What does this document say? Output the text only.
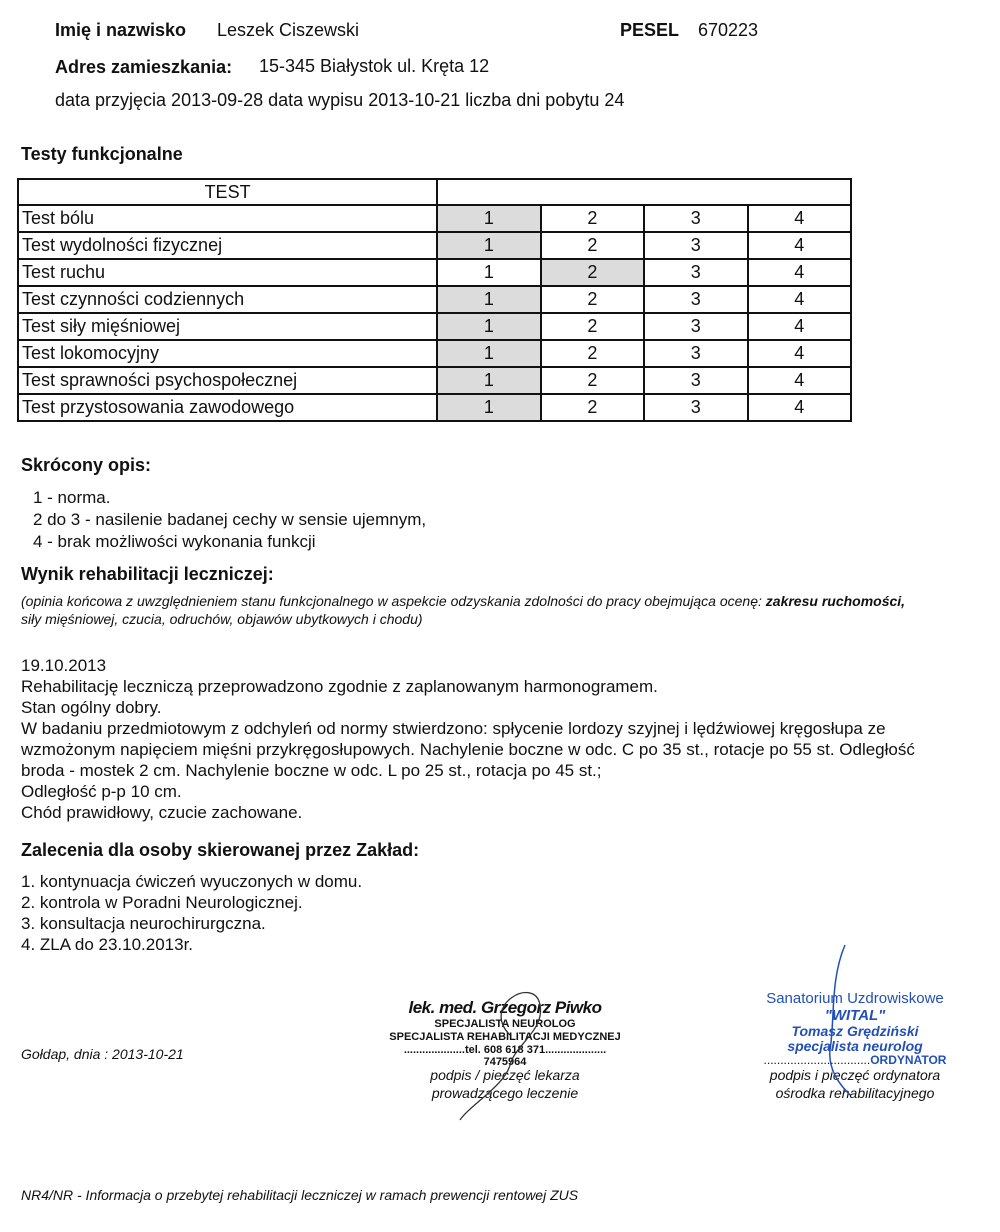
Imię i nazwisko Leszek Ciszewski	PESEL 670223
Adres zamieszkania: 15-345 Białystok ul. Kręta 12
data przyjęcia 2013-09-28 data wypisu 2013-10-21 liczba dni pobytu 24
Testy funkcjonalne
TEST				
Test bólu	1	2	3	4
Test wydolności fizycznej	1	2	3	4
Test ruchu	1	2	3	4
Test czynności codziennych	1	2	3	4
Test siły mięśniowej	1	2	3	4
Test lokomocyjny	1	2	3	4
Test sprawności psychospołecznej	1	2	3	4
Test przystosowania zawodowego	1	2	3	4
Skrócony opis:
1 - norma.
2 do 3 - nasilenie badanej cechy w sensie ujemnym,
4 - brak możliwości wykonania funkcji
Wynik rehabilitacji leczniczej:
(opinia końcowa z uwzględnieniem stanu funkcjonalnego w aspekcie odzyskania zdolności do pracy obejmująca ocenę: zakresu ruchomości,
siły mięśniowej, czucia, odruchów, objawów ubytkowych i chodu)

19.10.2013

Rehabilitację leczniczą przeprowadzono zgodnie z zaplanowanym harmonogramem.

Stan ogólny dobry.

W badaniu przedmiotowym z odchyleń od normy stwierdzono: spłycenie lordozy szyjnej i lędźwiowej kręgosłupa ze

wzmożonym napięciem mięśni przykręgosłupowych. Nachylenie boczne w odc. C po 35 st., rotacje po 55 st. Odległość

broda - mostek 2 cm. Nachylenie boczne w odc. L po 25 st., rotacja po 45 st.;

Odległość p-p 10 cm.

Chód prawidłowy, czucie zachowane.

Zalecenia dla osoby skierowanej przez Zakład:
1. kontynuacja ćwiczeń wyuczonych w domu.
2. kontrola w Poradni Neurologicznej.
3. konsultacja neurochirurgczna.
4. ZLA do 23.10.2013r.
Gołdap, dnia : 2013-10-21
lek. med. Grzegorz Piwko
SPECJALISTA NEUROLOG
SPECJALISTA REHABILITACJI MEDYCZNEJ
....................tel. 608 618 371....................
7475964
podpis / pieczęć lekarza
prowadzącego leczenie
Sanatorium Uzdrowiskowe
"WITAL"
Tomasz Grędziński
specjalista neurolog
................................ORDYNATOR
podpis i pieczęć ordynatora
ośrodka rehabilitacyjnego
NR4/NR - Informacja o przebytej rehabilitacji leczniczej w ramach prewencji rentowej ZUS
